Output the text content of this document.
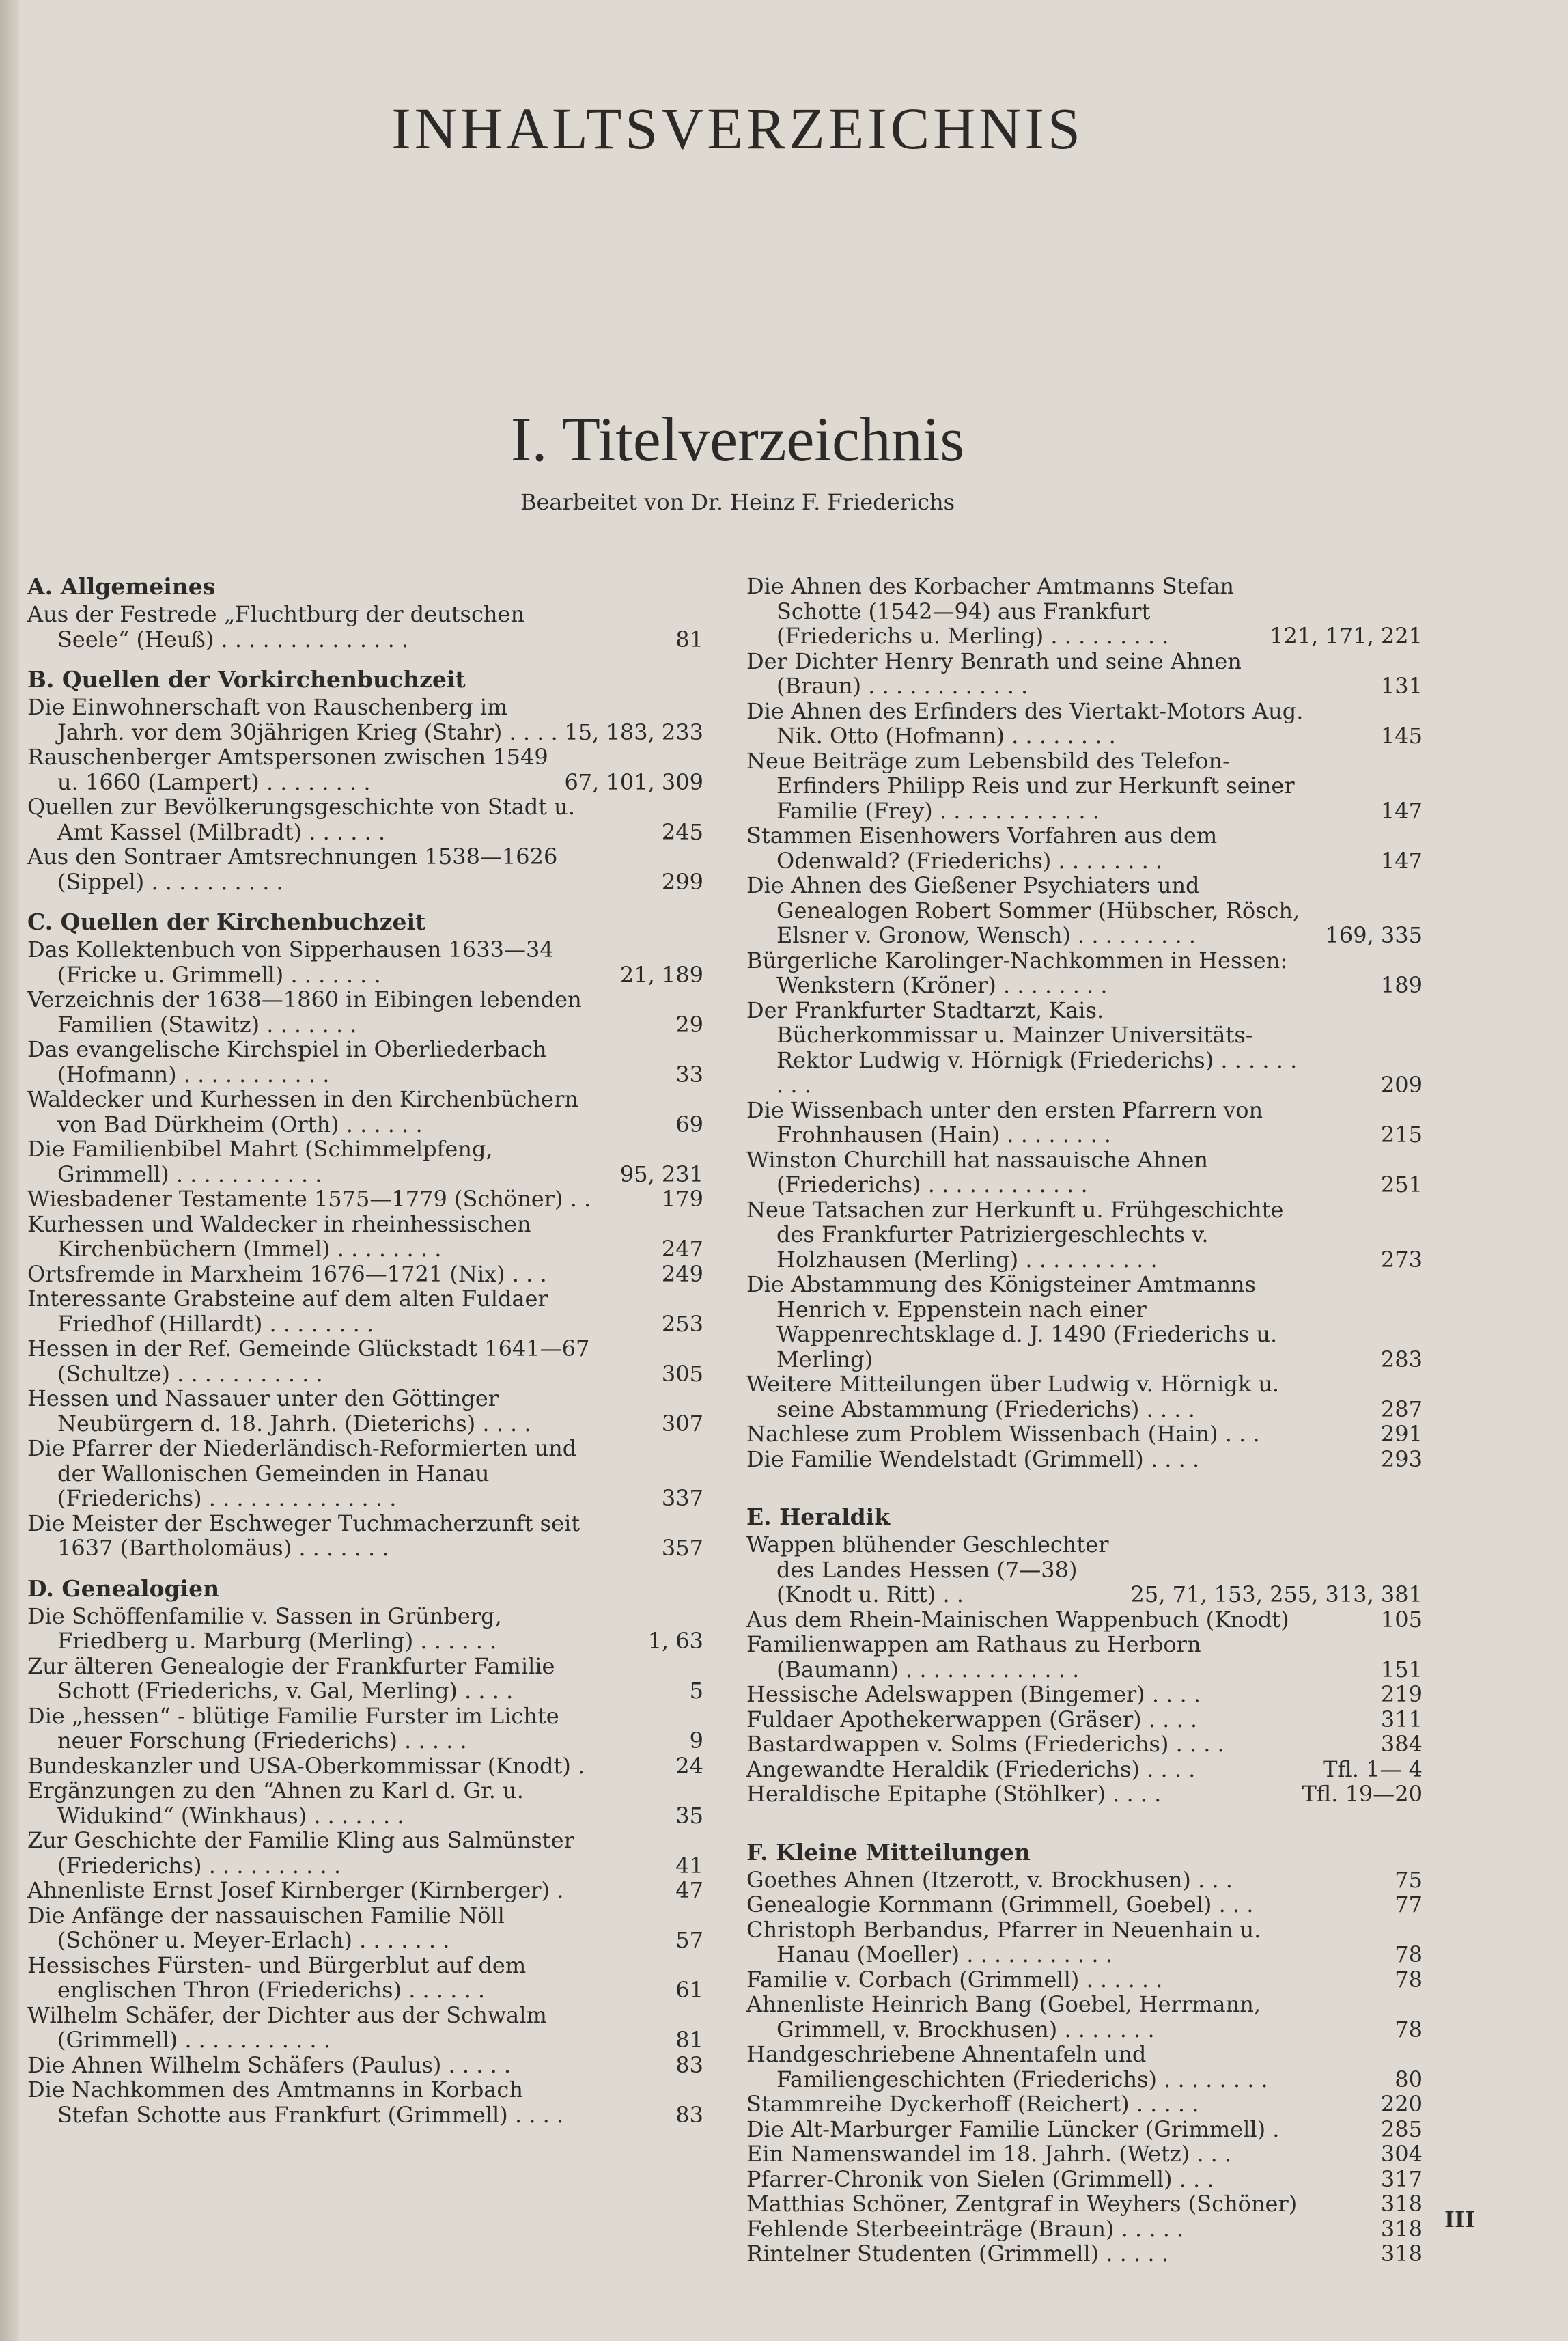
INHALTSVERZEICHNIS
I. Titelverzeichnis
Bearbeitet von Dr. Heinz F. Friederichs
A. Allgemeines
Aus der Festrede „Fluchtburg der deutschen Seele“ (Heuß) . . . . . . . . . . . . . .	81
B. Quellen der Vorkirchenbuchzeit
Die Einwohnerschaft von Rauschenberg im Jahrh. vor dem 30jährigen Krieg (Stahr) . . . . 15, 183, 233
Rauschenberger Amtspersonen zwischen 1549 u. 1660 (Lampert) . . . . . . . .	67, 101, 309
Quellen zur Bevölkerungsgeschichte von Stadt u. Amt Kassel (Milbradt) . . . . . .	245
Aus den Sontraer Amtsrechnungen 1538—1626 (Sippel) . . . . . . . . . .	299
C. Quellen der Kirchenbuchzeit
Das Kollektenbuch von Sipperhausen 1633—34 (Fricke u. Grimmell) . . . . . . .	21, 189
Verzeichnis der 1638—1860 in Eibingen lebenden Familien (Stawitz) . . . . . . .	29
Das evangelische Kirchspiel in Oberliederbach (Hofmann) . . . . . . . . . . .	33
Waldecker und Kurhessen in den Kirchenbüchern von Bad Dürkheim (Orth) . . . . . .	69
Die Familienbibel Mahrt (Schimmelpfeng, Grimmell) . . . . . . . . . . .	95, 231
Wiesbadener Testamente 1575—1779 (Schöner) . .	179
Kurhessen und Waldecker in rheinhessischen Kirchenbüchern (Immel) . . . . . . . .	247
Ortsfremde in Marxheim 1676—1721 (Nix) . . .	249
Interessante Grabsteine auf dem alten Fuldaer Friedhof (Hillardt) . . . . . . . .	253
Hessen in der Ref. Gemeinde Glückstadt 1641—67 (Schultze) . . . . . . . . . . .	305
Hessen und Nassauer unter den Göttinger Neubürgern d. 18. Jahrh. (Dieterichs) . . . .	307
Die Pfarrer der Niederländisch-Reformierten und der Wallonischen Gemeinden in Hanau (Friederichs) . . . . . . . . . . . . . .	337
Die Meister der Eschweger Tuchmacherzunft seit 1637 (Bartholomäus) . . . . . . .	357
D. Genealogien
Die Schöffenfamilie v. Sassen in Grünberg, Friedberg u. Marburg (Merling) . . . . . .	1, 63
Zur älteren Genealogie der Frankfurter Familie Schott (Friederichs, v. Gal, Merling) . . . .	5
Die „hessen“ - blütige Familie Furster im Lichte neuer Forschung (Friederichs) . . . . .	9
Bundeskanzler und USA-Oberkommissar (Knodt) .	24
Ergänzungen zu den “Ahnen zu Karl d. Gr. u. Widukind“ (Winkhaus) . . . . . . .	35
Zur Geschichte der Familie Kling aus Salmünster (Friederichs) . . . . . . . . . .	41
Ahnenliste Ernst Josef Kirnberger (Kirnberger) .	47
Die Anfänge der nassauischen Familie Nöll (Schöner u. Meyer-Erlach) . . . . . . .	57
Hessisches Fürsten- und Bürgerblut auf dem englischen Thron (Friederichs) . . . . . .	61
Wilhelm Schäfer, der Dichter aus der Schwalm (Grimmell) . . . . . . . . . . .	81
Die Ahnen Wilhelm Schäfers (Paulus) . . . . .	83
Die Nachkommen des Amtmanns in Korbach Stefan Schotte aus Frankfurt (Grimmell) . . . .	83
Die Ahnen des Korbacher Amtmanns Stefan Schotte (1542—94) aus Frankfurt (Friederichs u. Merling) . . . . . . . . .	121, 171, 221
Der Dichter Henry Benrath und seine Ahnen (Braun) . . . . . . . . . . . .	131
Die Ahnen des Erfinders des Viertakt-Motors Aug. Nik. Otto (Hofmann) . . . . . . . .	145
Neue Beiträge zum Lebensbild des Telefon-Erfinders Philipp Reis und zur Herkunft seiner Familie (Frey) . . . . . . . . . . . .	147
Stammen Eisenhowers Vorfahren aus dem Odenwald? (Friederichs) . . . . . . . .	147
Die Ahnen des Gießener Psychiaters und Genealogen Robert Sommer (Hübscher, Rösch, Elsner v. Gronow, Wensch) . . . . . . . . .	169, 335
Bürgerliche Karolinger-Nachkommen in Hessen: Wenkstern (Kröner) . . . . . . . .	189
Der Frankfurter Stadtarzt, Kais. Bücherkommissar u. Mainzer Universitäts-Rektor Ludwig v. Hörnigk (Friederichs) . . . . . . . . .	209
Die Wissenbach unter den ersten Pfarrern von Frohnhausen (Hain) . . . . . . . .	215
Winston Churchill hat nassauische Ahnen (Friederichs) . . . . . . . . . . . .	251
Neue Tatsachen zur Herkunft u. Frühgeschichte des Frankfurter Patriziergeschlechts v. Holzhausen (Merling) . . . . . . . . . .	273
Die Abstammung des Königsteiner Amtmanns Henrich v. Eppenstein nach einer Wappenrechtsklage d. J. 1490 (Friederichs u. Merling)	283
Weitere Mitteilungen über Ludwig v. Hörnigk u. seine Abstammung (Friederichs) . . . .	287
Nachlese zum Problem Wissenbach (Hain) . . .	291
Die Familie Wendelstadt (Grimmell) . . . .	293
E. Heraldik
Wappen blühender Geschlechter des Landes Hessen (7—38) (Knodt u. Ritt) . .	25, 71, 153, 255, 313, 381
Aus dem Rhein-Mainischen Wappenbuch (Knodt)	105
Familienwappen am Rathaus zu Herborn (Baumann) . . . . . . . . . . . . .	151
Hessische Adelswappen (Bingemer) . . . .	219
Fuldaer Apothekerwappen (Gräser) . . . .	311
Bastardwappen v. Solms (Friederichs) . . . .	384
Angewandte Heraldik (Friederichs) . . . .	Tfl. 1— 4
Heraldische Epitaphe (Stöhlker) . . . .	Tfl. 19—20
F. Kleine Mitteilungen
Goethes Ahnen (Itzerott, v. Brockhusen) . . .	75
Genealogie Kornmann (Grimmell, Goebel) . . .	77
Christoph Berbandus, Pfarrer in Neuenhain u. Hanau (Moeller) . . . . . . . . . . .	78
Familie v. Corbach (Grimmell) . . . . . .	78
Ahnenliste Heinrich Bang (Goebel, Herrmann, Grimmell, v. Brockhusen) . . . . . . .	78
Handgeschriebene Ahnentafeln und Familiengeschichten (Friederichs) . . . . . . . .	80
Stammreihe Dyckerhoff (Reichert) . . . . .	220
Die Alt-Marburger Familie Lüncker (Grimmell) .	285
Ein Namenswandel im 18. Jahrh. (Wetz) . . .	304
Pfarrer-Chronik von Sielen (Grimmell) . . .	317
Matthias Schöner, Zentgraf in Weyhers (Schöner)	318
Fehlende Sterbeeinträge (Braun) . . . . .	318
Rintelner Studenten (Grimmell) . . . . .	318
III
